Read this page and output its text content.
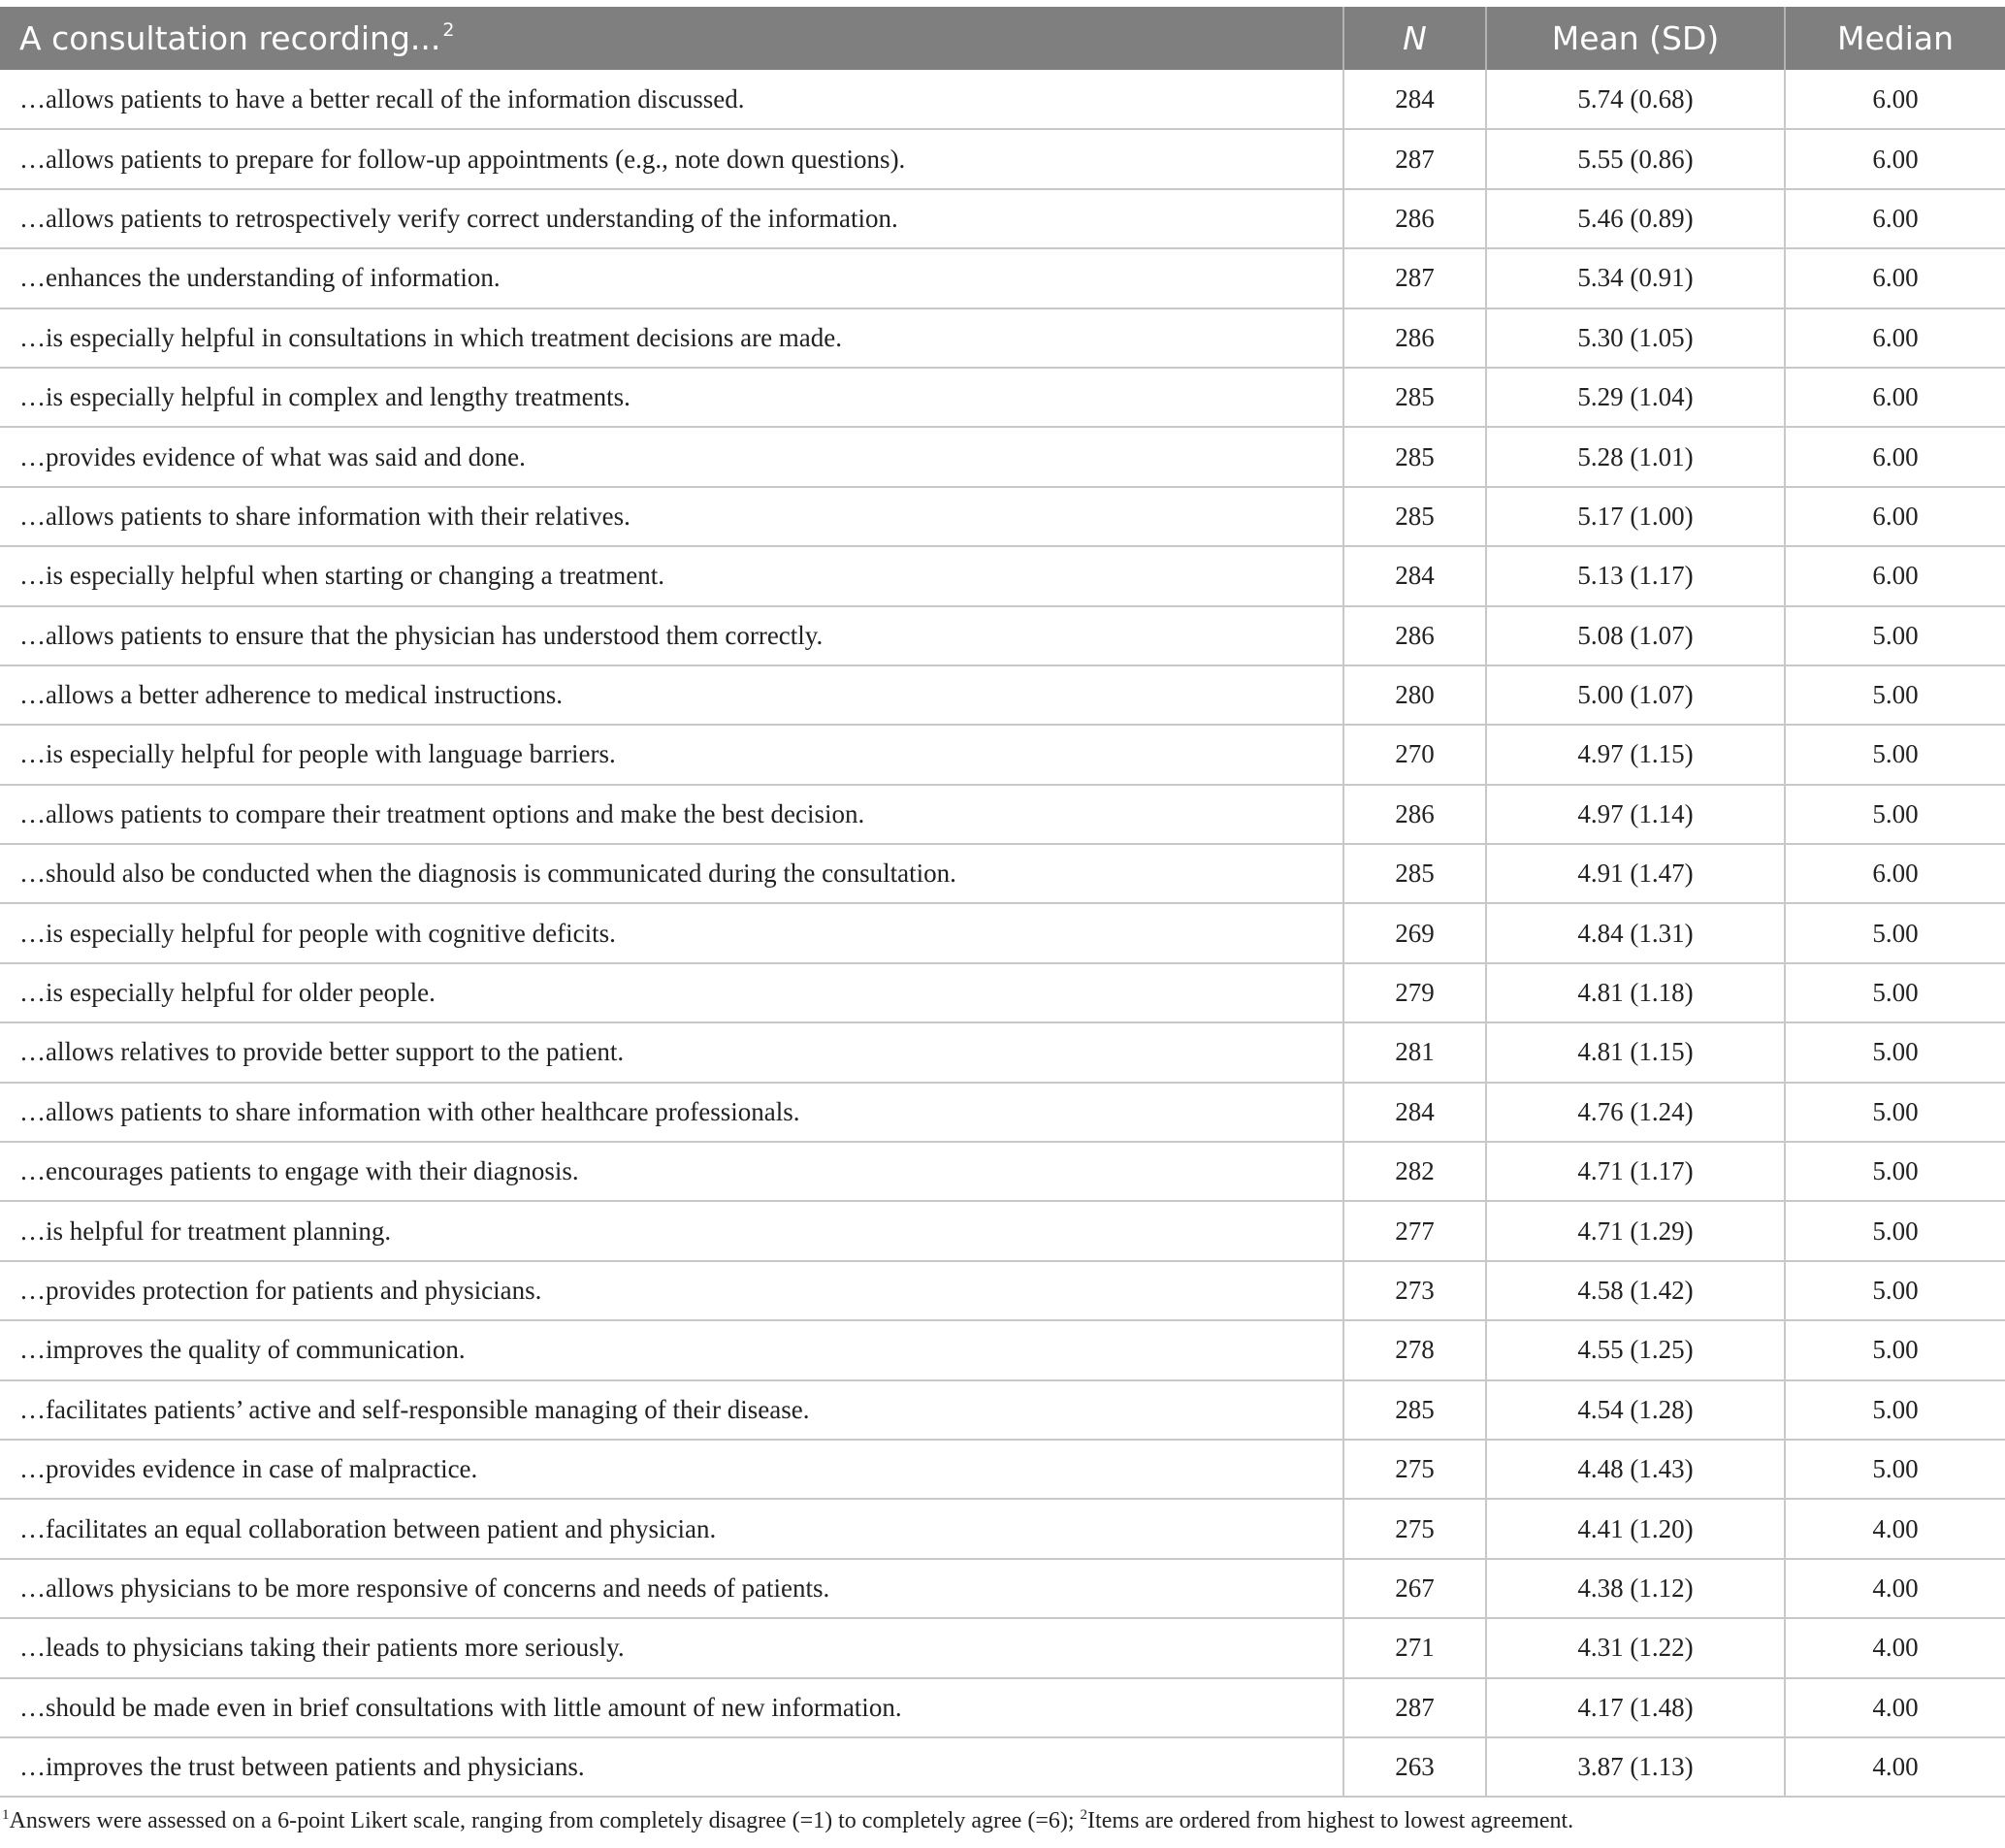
A consultation recording... $^2$	N	Mean (SD)	Median
…allows patients to have a better recall of the information discussed.	284	5.74 (0.68)	6.00
…allows patients to prepare for follow-up appointments (e.g., note down questions).	287	5.55 (0.86)	6.00
…allows patients to retrospectively verify correct understanding of the information.	286	5.46 (0.89)	6.00
…enhances the understanding of information.	287	5.34 (0.91)	6.00
…is especially helpful in consultations in which treatment decisions are made.	286	5.30 (1.05)	6.00
…is especially helpful in complex and lengthy treatments.	285	5.29 (1.04)	6.00
…provides evidence of what was said and done.	285	5.28 (1.01)	6.00
…allows patients to share information with their relatives.	285	5.17 (1.00)	6.00
…is especially helpful when starting or changing a treatment.	284	5.13 (1.17)	6.00
…allows patients to ensure that the physician has understood them correctly.	286	5.08 (1.07)	5.00
…allows a better adherence to medical instructions.	280	5.00 (1.07)	5.00
…is especially helpful for people with language barriers.	270	4.97 (1.15)	5.00
…allows patients to compare their treatment options and make the best decision.	286	4.97 (1.14)	5.00
…should also be conducted when the diagnosis is communicated during the consultation.	285	4.91 (1.47)	6.00
…is especially helpful for people with cognitive deficits.	269	4.84 (1.31)	5.00
…is especially helpful for older people.	279	4.81 (1.18)	5.00
…allows relatives to provide better support to the patient.	281	4.81 (1.15)	5.00
…allows patients to share information with other healthcare professionals.	284	4.76 (1.24)	5.00
…encourages patients to engage with their diagnosis.	282	4.71 (1.17)	5.00
…is helpful for treatment planning.	277	4.71 (1.29)	5.00
…provides protection for patients and physicians.	273	4.58 (1.42)	5.00
…improves the quality of communication.	278	4.55 (1.25)	5.00
…facilitates patients’ active and self-responsible managing of their disease.	285	4.54 (1.28)	5.00
…provides evidence in case of malpractice.	275	4.48 (1.43)	5.00
…facilitates an equal collaboration between patient and physician.	275	4.41 (1.20)	4.00
…allows physicians to be more responsive of concerns and needs of patients.	267	4.38 (1.12)	4.00
…leads to physicians taking their patients more seriously.	271	4.31 (1.22)	4.00
…should be made even in brief consultations with little amount of new information.	287	4.17 (1.48)	4.00
…improves the trust between patients and physicians.	263	3.87 (1.13)	4.00
$^1$Answers were assessed on a 6-point Likert scale, ranging from completely disagree (=1) to completely agree (=6); $^2$Items are ordered from highest to lowest agreement.
